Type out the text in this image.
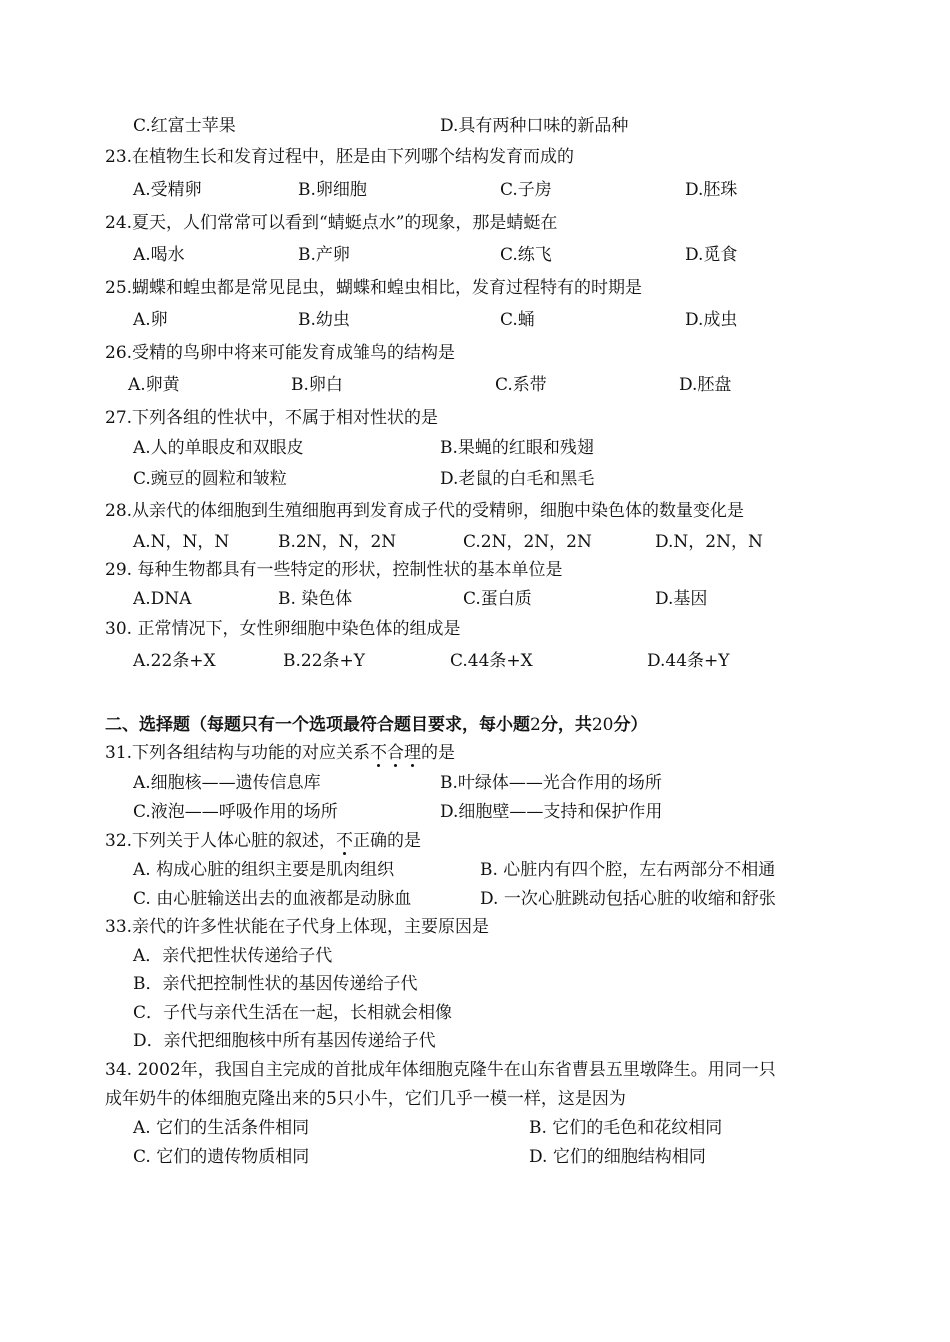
C.红富士苹果	D.具有两种口味的新品种
23.在植物生长和发育过程中，胚是由下列哪个结构发育而成的
A.受精卵	B.卵细胞	C.子房	D.胚珠
24.夏天，人们常常可以看到“蜻蜓点水”的现象，那是蜻蜓在
A.喝水	B.产卵	C.练飞	D.觅食
25.蝴蝶和蝗虫都是常见昆虫，蝴蝶和蝗虫相比，发育过程特有的时期是
A.卵	B.幼虫	C.蛹	D.成虫
26.受精的鸟卵中将来可能发育成雏鸟的结构是
A.卵黄	B.卵白	C.系带	D.胚盘
27.下列各组的性状中，不属于相对性状的是
A.人的单眼皮和双眼皮	B.果蝇的红眼和残翅
C.豌豆的圆粒和皱粒	D.老鼠的白毛和黑毛
28.从亲代的体细胞到生殖细胞再到发育成子代的受精卵，细胞中染色体的数量变化是
A.N，N，N	B.2N，N，2N	C.2N，2N，2N	D.N，2N，N
29. 每种生物都具有一些特定的形状，控制性状的基本单位是
A.DNA	B. 染色体	C.蛋白质	D.基因
30. 正常情况下，女性卵细胞中染色体的组成是
A.22条+X	B.22条+Y	C.44条+X	D.44条+Y
二、选择题（每题只有一个选项最符合题目要求，每小题2分，共20分）
31.下列各组结构与功能的对应关系不合理的是
A.细胞核——遗传信息库	B.叶绿体——光合作用的场所
C.液泡——呼吸作用的场所	D.细胞壁——支持和保护作用
32.下列关于人体心脏的叙述，不正确的是
A. 构成心脏的组织主要是肌肉组织	B. 心脏内有四个腔，左右两部分不相通
C. 由心脏输送出去的血液都是动脉血	D. 一次心脏跳动包括心脏的收缩和舒张
33.亲代的许多性状能在子代身上体现，主要原因是
A．亲代把性状传递给子代
B．亲代把控制性状的基因传递给子代
C．子代与亲代生活在一起，长相就会相像
D．亲代把细胞核中所有基因传递给子代
34. 2002年，我国自主完成的首批成年体细胞克隆牛在山东省曹县五里墩降生。用同一只
成年奶牛的体细胞克隆出来的5只小牛，它们几乎一模一样，这是因为
A. 它们的生活条件相同	B. 它们的毛色和花纹相同
C. 它们的遗传物质相同	D. 它们的细胞结构相同
